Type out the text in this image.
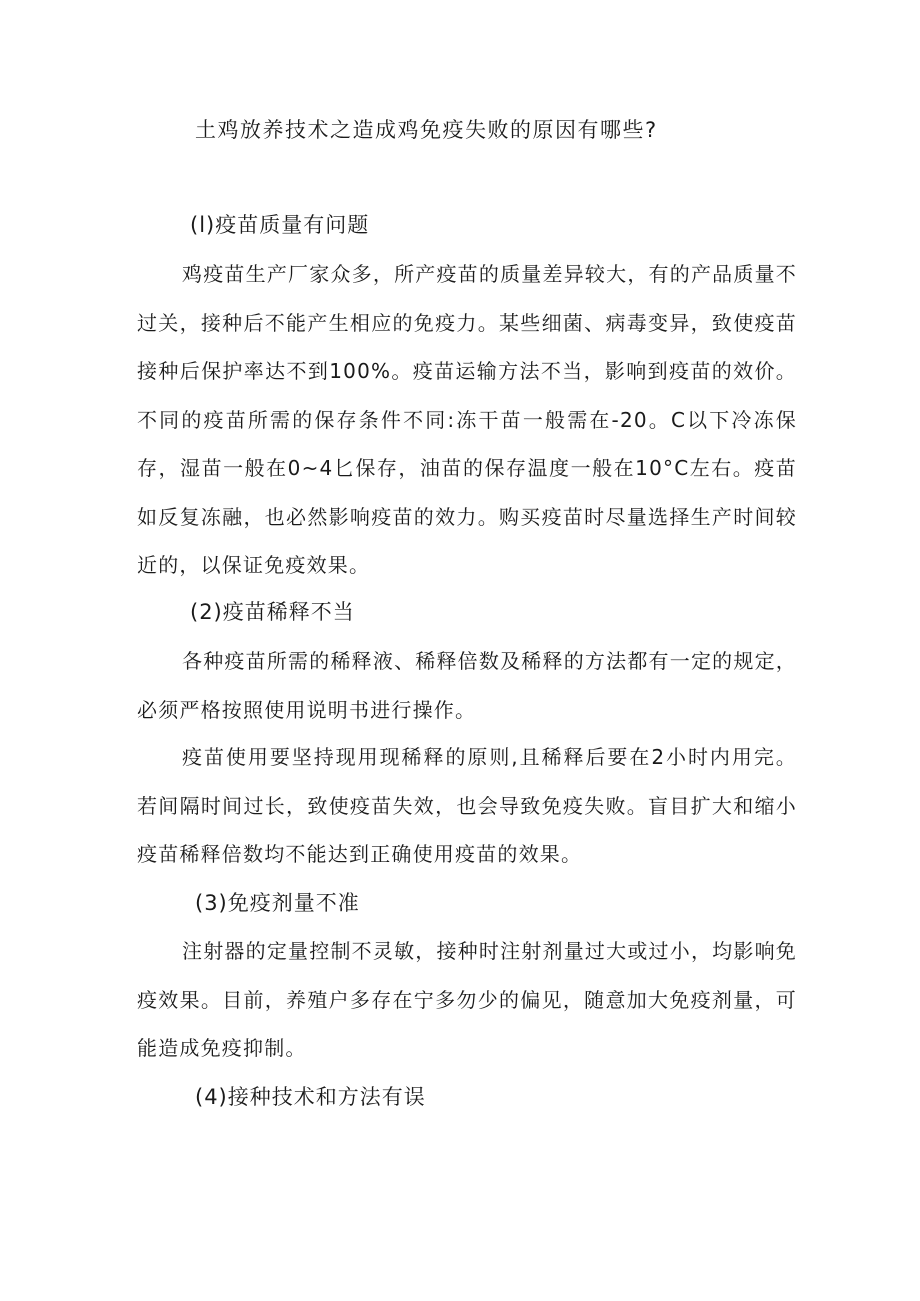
土鸡放养技术之造成鸡免疫失败的原因有哪些?
(l)疫苗质量有问题

鸡疫苗生产厂家众多，所产疫苗的质量差异较大，有的产品质量不过关，接种后不能产生相应的免疫力。某些细菌、病毒变异，致使疫苗接种后保护率达不到100%。疫苗运输方法不当，影响到疫苗的效价。不同的疫苗所需的保存条件不同:冻干苗一般需在-20。C以下冷冻保存，湿苗一般在0~4匕保存，油苗的保存温度一般在10°C左右。疫苗如反复冻融，也必然影响疫苗的效力。购买疫苗时尽量选择生产时间较近的，以保证免疫效果。

(2)疫苗稀释不当

各种疫苗所需的稀释液、稀释倍数及稀释的方法都有一定的规定，必须严格按照使用说明书进行操作。

疫苗使用要坚持现用现稀释的原则,且稀释后要在2小时内用完。若间隔时间过长，致使疫苗失效，也会导致免疫失败。盲目扩大和缩小疫苗稀释倍数均不能达到正确使用疫苗的效果。

(3)免疫剂量不准

注射器的定量控制不灵敏，接种时注射剂量过大或过小，均影响免疫效果。目前，养殖户多存在宁多勿少的偏见，随意加大免疫剂量，可能造成免疫抑制。

(4)接种技术和方法有误
